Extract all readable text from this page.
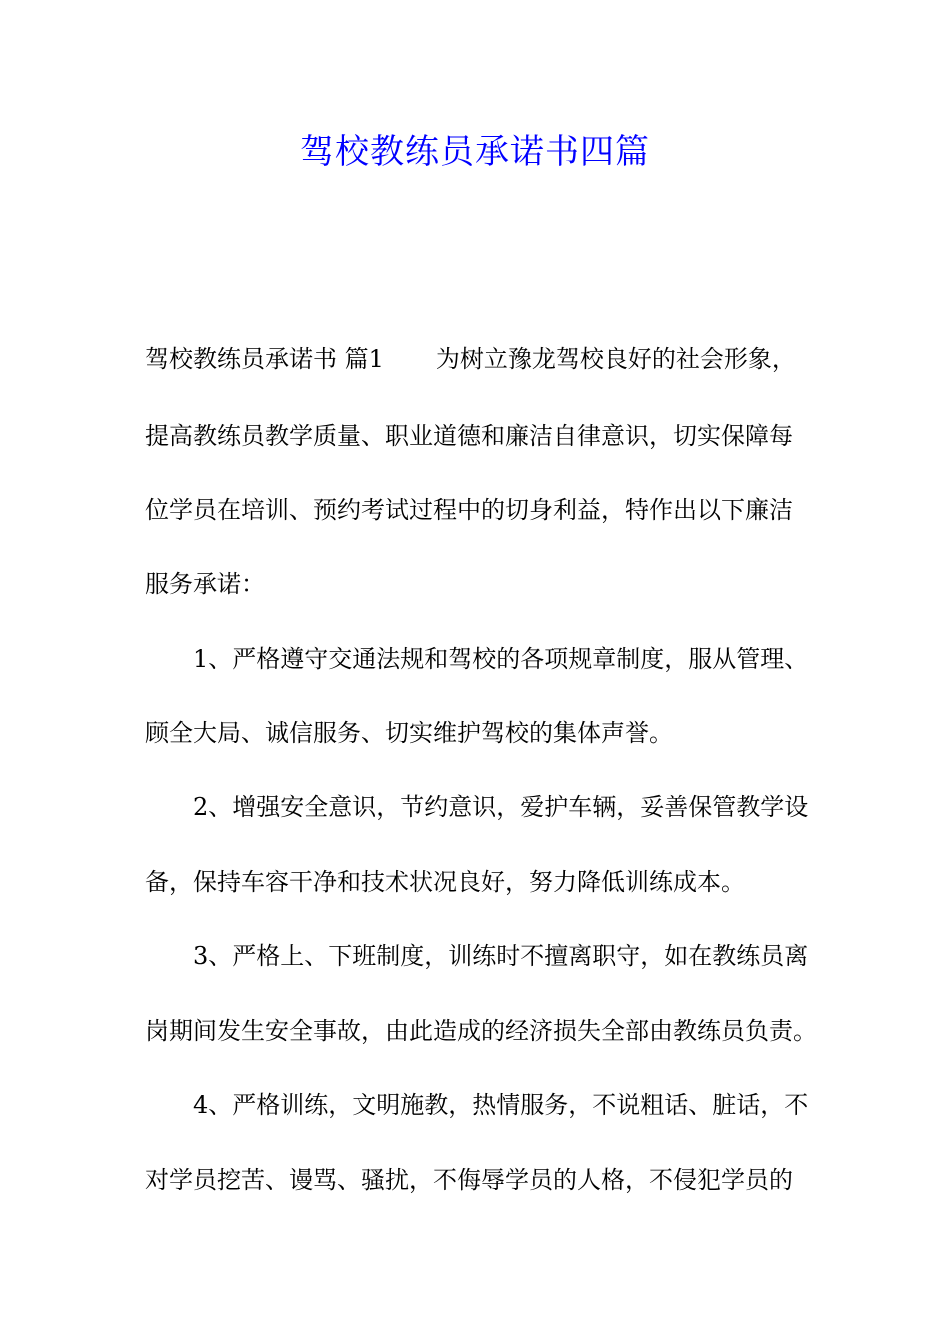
驾校教练员承诺书四篇

驾校教练员承诺书 篇1 为树立豫龙驾校良好的社会形象，

提高教练员教学质量、职业道德和廉洁自律意识，切实保障每

位学员在培训、预约考试过程中的切身利益，特作出以下廉洁

服务承诺：

1、严格遵守交通法规和驾校的各项规章制度，服从管理、

顾全大局、诚信服务、切实维护驾校的集体声誉。

2、增强安全意识，节约意识，爱护车辆，妥善保管教学设

备，保持车容干净和技术状况良好，努力降低训练成本。

3、严格上、下班制度，训练时不擅离职守，如在教练员离

岗期间发生安全事故，由此造成的经济损失全部由教练员负责。

4、严格训练，文明施教，热情服务，不说粗话、脏话，不

对学员挖苦、谩骂、骚扰，不侮辱学员的人格，不侵犯学员的
